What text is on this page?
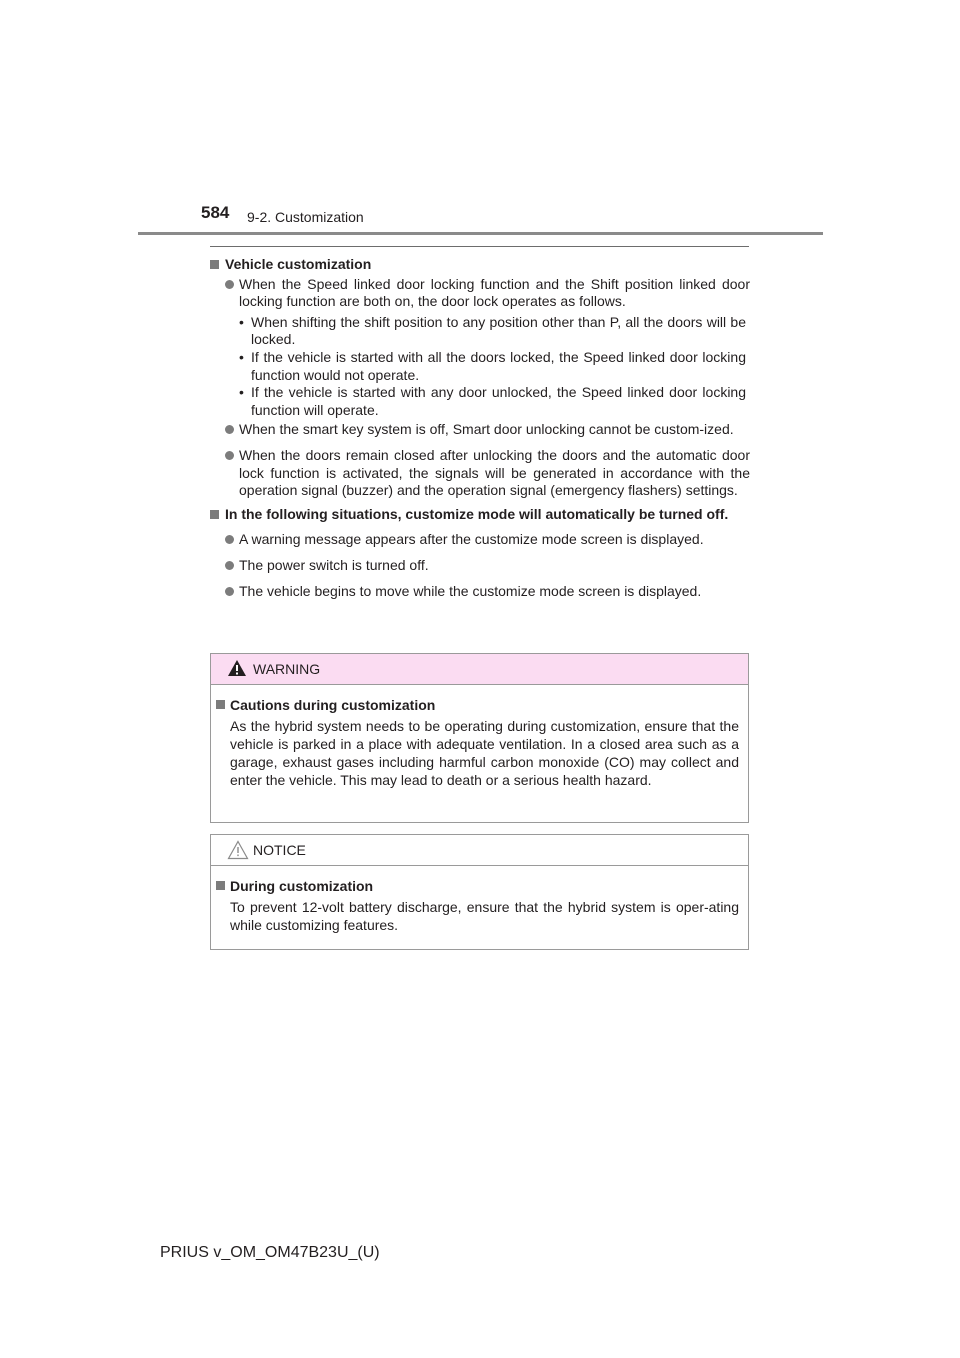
584 9-2. Customization
Vehicle customization
When the Speed linked door locking function and the Shift position linked door locking function are both on, the door lock operates as follows.
• When shifting the shift position to any position other than P, all the doors will be locked.
• If the vehicle is started with all the doors locked, the Speed linked door locking function would not operate.
• If the vehicle is started with any door unlocked, the Speed linked door locking function will operate.
When the smart key system is off, Smart door unlocking cannot be custom-ized.
When the doors remain closed after unlocking the doors and the automatic door lock function is activated, the signals will be generated in accordance with the operation signal (buzzer) and the operation signal (emergency flashers) settings.
In the following situations, customize mode will automatically be turned off.
A warning message appears after the customize mode screen is displayed.
The power switch is turned off.
The vehicle begins to move while the customize mode screen is displayed.
WARNING
Cautions during customization
As the hybrid system needs to be operating during customization, ensure that the vehicle is parked in a place with adequate ventilation. In a closed area such as a garage, exhaust gases including harmful carbon monoxide (CO) may collect and enter the vehicle. This may lead to death or a serious health hazard.
NOTICE
During customization
To prevent 12-volt battery discharge, ensure that the hybrid system is oper-ating while customizing features.
PRIUS v_OM_OM47B23U_(U)
